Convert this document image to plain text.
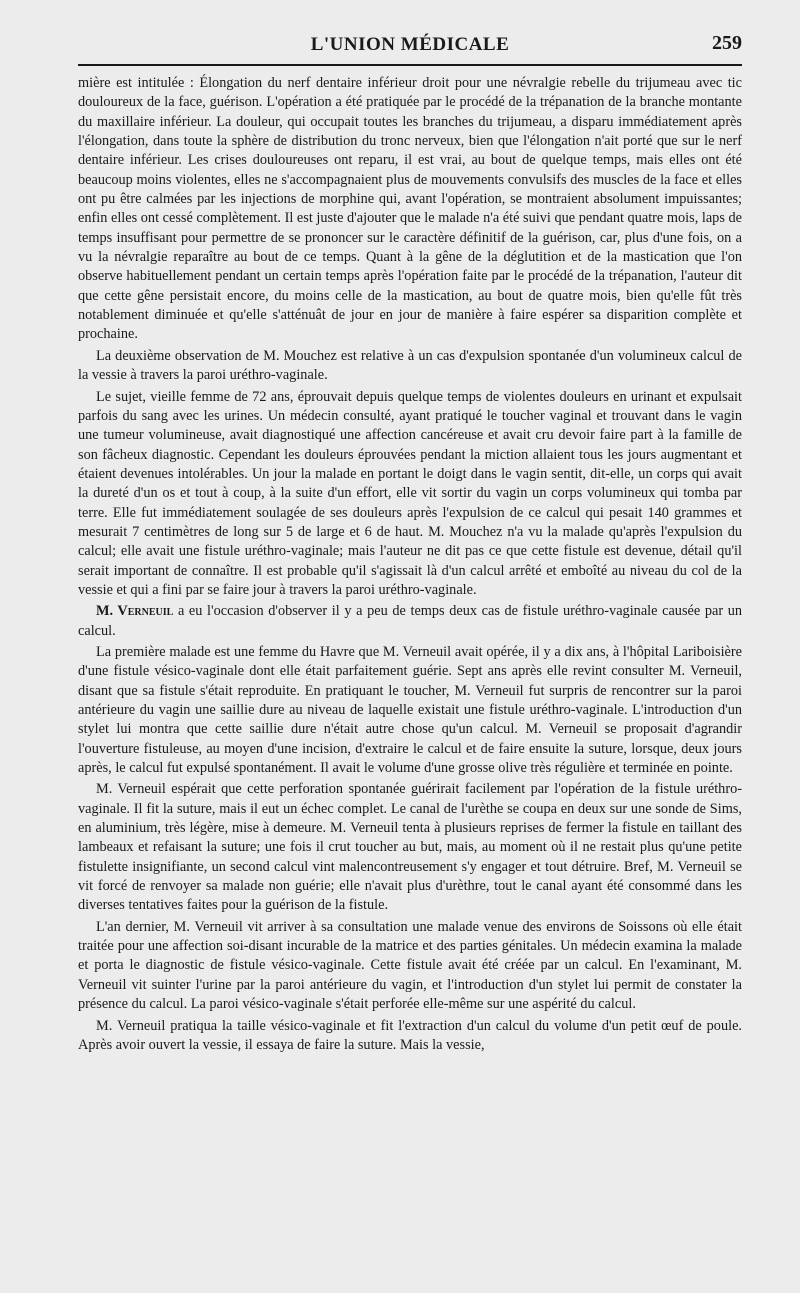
L'UNION MÉDICALE	259

mière est intitulée : Élongation du nerf dentaire inférieur droit pour une névralgie rebelle du trijumeau avec tic douloureux de la face, guérison. L'opération a été pratiquée par le procédé de la trépanation de la branche montante du maxillaire inférieur. La douleur, qui occupait toutes les branches du trijumeau, a disparu immédiatement après l'élongation, dans toute la sphère de distribution du tronc nerveux, bien que l'élongation n'ait porté que sur le nerf dentaire inférieur. Les crises douloureuses ont reparu, il est vrai, au bout de quelque temps, mais elles ont été beaucoup moins violentes, elles ne s'accompagnaient plus de mouvements convulsifs des muscles de la face et elles ont pu être calmées par les injections de morphine qui, avant l'opération, se montraient absolument impuissantes; enfin elles ont cessé complètement. Il est juste d'ajouter que le malade n'a été suivi que pendant quatre mois, laps de temps insuffisant pour permettre de se prononcer sur le caractère définitif de la guérison, car, plus d'une fois, on a vu la névralgie reparaître au bout de ce temps. Quant à la gêne de la déglutition et de la mastication que l'on observe habituellement pendant un certain temps après l'opération faite par le procédé de la trépanation, l'auteur dit que cette gêne persistait encore, du moins celle de la mastication, au bout de quatre mois, bien qu'elle fût très notablement diminuée et qu'elle s'atténuât de jour en jour de manière à faire espérer sa disparition complète et prochaine.

La deuxième observation de M. Mouchez est relative à un cas d'expulsion spontanée d'un volumineux calcul de la vessie à travers la paroi uréthro-vaginale.

Le sujet, vieille femme de 72 ans, éprouvait depuis quelque temps de violentes douleurs en urinant et expulsait parfois du sang avec les urines. Un médecin consulté, ayant pratiqué le toucher vaginal et trouvant dans le vagin une tumeur volumineuse, avait diagnostiqué une affection cancéreuse et avait cru devoir faire part à la famille de son fâcheux diagnostic. Cependant les douleurs éprouvées pendant la miction allaient tous les jours augmentant et étaient devenues intolérables. Un jour la malade en portant le doigt dans le vagin sentit, dit-elle, un corps qui avait la dureté d'un os et tout à coup, à la suite d'un effort, elle vit sortir du vagin un corps volumineux qui tomba par terre. Elle fut immédiatement soulagée de ses douleurs après l'expulsion de ce calcul qui pesait 140 grammes et mesurait 7 centimètres de long sur 5 de large et 6 de haut. M. Mouchez n'a vu la malade qu'après l'expulsion du calcul; elle avait une fistule uréthro-vaginale; mais l'auteur ne dit pas ce que cette fistule est devenue, détail qu'il serait important de connaître. Il est probable qu'il s'agissait là d'un calcul arrêté et emboîté au niveau du col de la vessie et qui a fini par se faire jour à travers la paroi uréthro-vaginale.

M. Verneuil a eu l'occasion d'observer il y a peu de temps deux cas de fistule uréthro-vaginale causée par un calcul.

La première malade est une femme du Havre que M. Verneuil avait opérée, il y a dix ans, à l'hôpital Lariboisière d'une fistule vésico-vaginale dont elle était parfaitement guérie. Sept ans après elle revint consulter M. Verneuil, disant que sa fistule s'était reproduite. En pratiquant le toucher, M. Verneuil fut surpris de rencontrer sur la paroi antérieure du vagin une saillie dure au niveau de laquelle existait une fistule uréthro-vaginale. L'introduction d'un stylet lui montra que cette saillie dure n'était autre chose qu'un calcul. M. Verneuil se proposait d'agrandir l'ouverture fistuleuse, au moyen d'une incision, d'extraire le calcul et de faire ensuite la suture, lorsque, deux jours après, le calcul fut expulsé spontanément. Il avait le volume d'une grosse olive très régulière et terminée en pointe.

M. Verneuil espérait que cette perforation spontanée guérirait facilement par l'opération de la fistule uréthro-vaginale. Il fit la suture, mais il eut un échec complet. Le canal de l'urèthe se coupa en deux sur une sonde de Sims, en aluminium, très légère, mise à demeure. M. Verneuil tenta à plusieurs reprises de fermer la fistule en taillant des lambeaux et refaisant la suture; une fois il crut toucher au but, mais, au moment où il ne restait plus qu'une petite fistulette insignifiante, un second calcul vint malencontreusement s'y engager et tout détruire. Bref, M. Verneuil se vit forcé de renvoyer sa malade non guérie; elle n'avait plus d'urèthre, tout le canal ayant été consommé dans les diverses tentatives faites pour la guérison de la fistule.

L'an dernier, M. Verneuil vit arriver à sa consultation une malade venue des environs de Soissons où elle était traitée pour une affection soi-disant incurable de la matrice et des parties génitales. Un médecin examina la malade et porta le diagnostic de fistule vésico-vaginale. Cette fistule avait été créée par un calcul. En l'examinant, M. Verneuil vit suinter l'urine par la paroi antérieure du vagin, et l'introduction d'un stylet lui permit de constater la présence du calcul. La paroi vésico-vaginale s'était perforée elle-même sur une aspérité du calcul.

M. Verneuil pratiqua la taille vésico-vaginale et fit l'extraction d'un calcul du volume d'un petit œuf de poule. Après avoir ouvert la vessie, il essaya de faire la suture. Mais la vessie,
